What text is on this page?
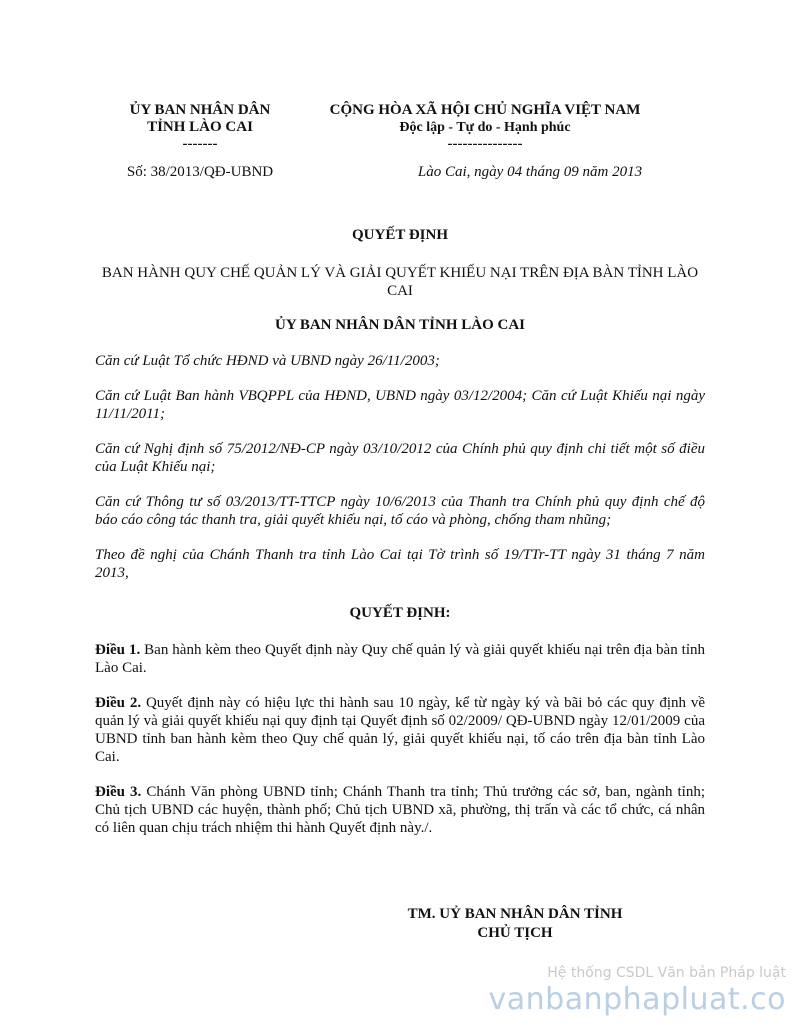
ỦY BAN NHÂN DÂN
TỈNH LÀO CAI
-------
CỘNG HÒA XÃ HỘI CHỦ NGHĨA VIỆT NAM
Độc lập - Tự do - Hạnh phúc
---------------
Số: 38/2013/QĐ-UBND	Lào Cai, ngày 04 tháng 09 năm 2013
QUYẾT ĐỊNH
BAN HÀNH QUY CHẾ QUẢN LÝ VÀ GIẢI QUYẾT KHIẾU NẠI TRÊN ĐỊA BÀN TỈNH LÀO CAI
ỦY BAN NHÂN DÂN TỈNH LÀO CAI

Căn cứ Luật Tổ chức HĐND và UBND ngày 26/11/2003;

Căn cứ Luật Ban hành VBQPPL của HĐND, UBND ngày 03/12/2004; Căn cứ Luật Khiếu nại ngày 11/11/2011;

Căn cứ Nghị định số 75/2012/NĐ-CP ngày 03/10/2012 của Chính phủ quy định chi tiết một số điều của Luật Khiếu nại;

Căn cứ Thông tư số 03/2013/TT-TTCP ngày 10/6/2013 của Thanh tra Chính phủ quy định chế độ báo cáo công tác thanh tra, giải quyết khiếu nại, tố cáo và phòng, chống tham nhũng;

Theo đề nghị của Chánh Thanh tra tỉnh Lào Cai tại Tờ trình số 19/TTr-TT ngày 31 tháng 7 năm 2013,

QUYẾT ĐỊNH:

Điều 1. Ban hành kèm theo Quyết định này Quy chế quản lý và giải quyết khiếu nại trên địa bàn tỉnh Lào Cai.

Điều 2. Quyết định này có hiệu lực thi hành sau 10 ngày, kể từ ngày ký và bãi bỏ các quy định về quản lý và giải quyết khiếu nại quy định tại Quyết định số 02/2009/ QĐ-UBND ngày 12/01/2009 của UBND tỉnh ban hành kèm theo Quy chế quản lý, giải quyết khiếu nại, tố cáo trên địa bàn tỉnh Lào Cai.

Điều 3. Chánh Văn phòng UBND tỉnh; Chánh Thanh tra tỉnh; Thủ trưởng các sở, ban, ngành tỉnh; Chủ tịch UBND các huyện, thành phố; Chủ tịch UBND xã, phường, thị trấn và các tổ chức, cá nhân có liên quan chịu trách nhiệm thi hành Quyết định này./.

TM. UỶ BAN NHÂN DÂN TỈNH
CHỦ TỊCH
Hệ thống CSDL Văn bản Pháp luật
vanbanphapluat.co
